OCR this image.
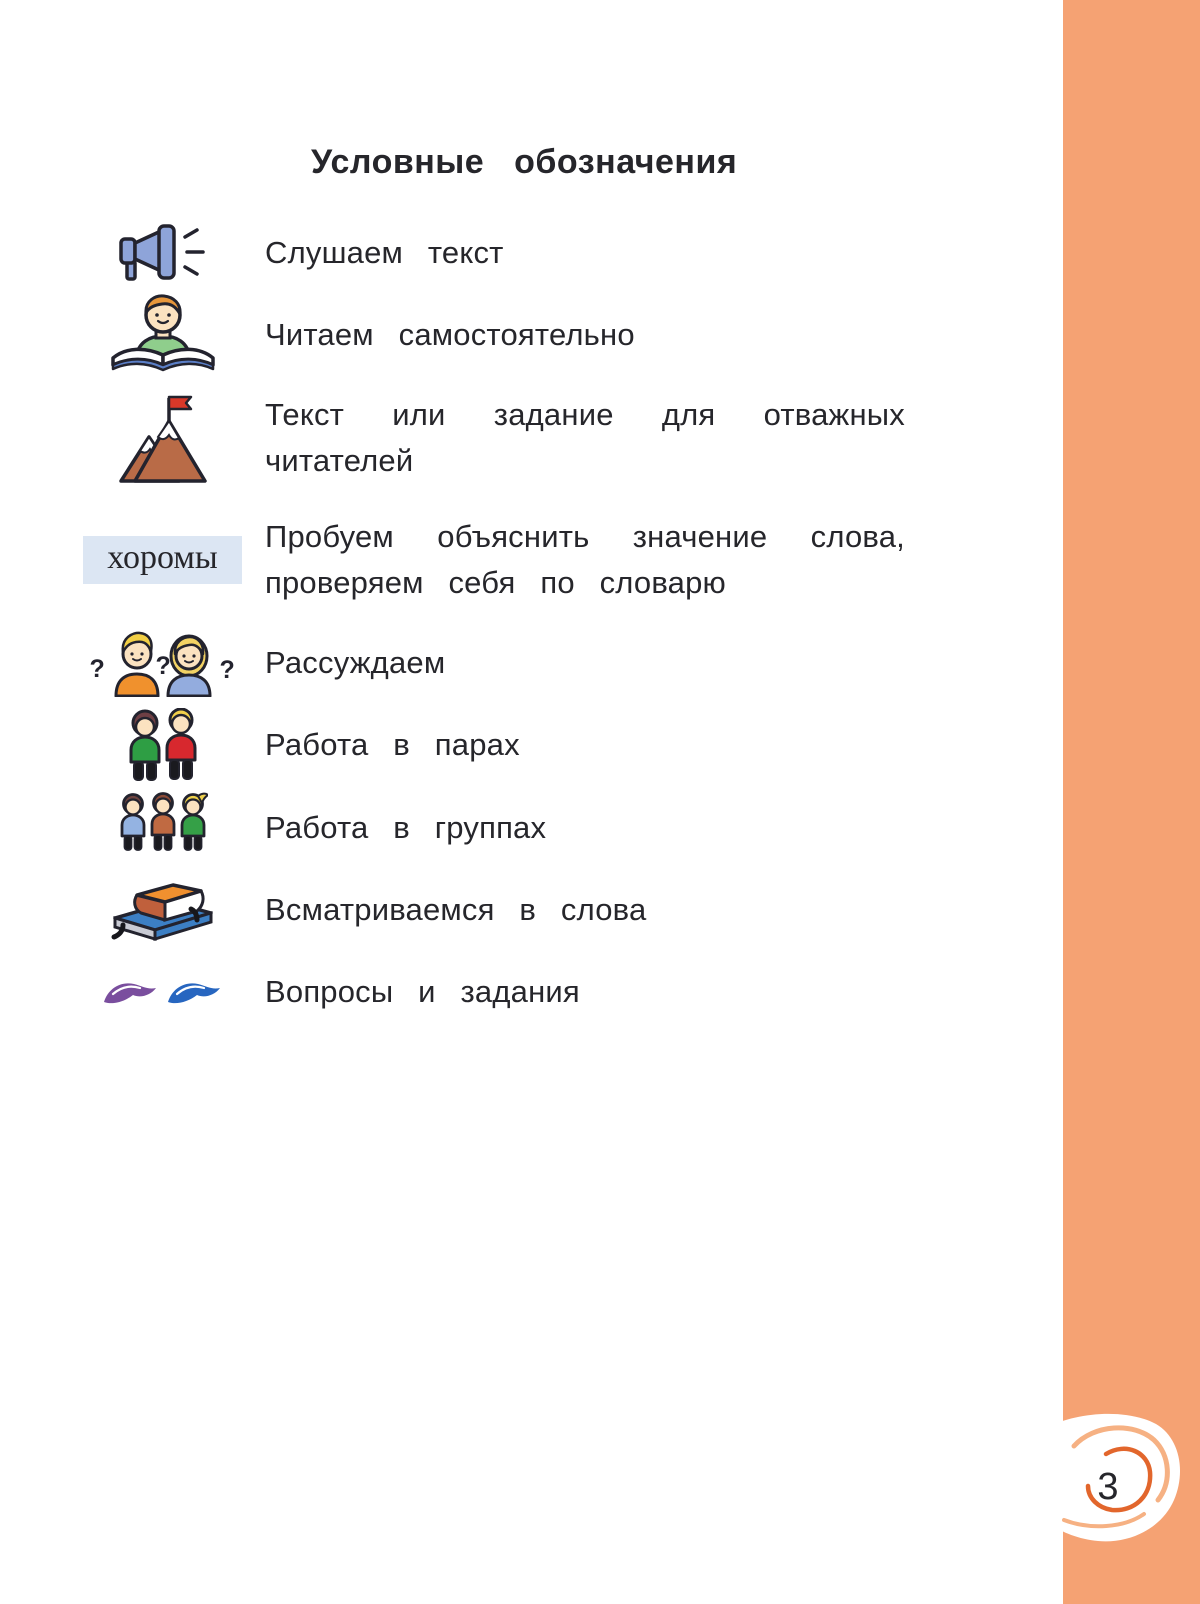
Условные обозначения
Слушаем текст
Читаем самостоятельно
Текст или задание для отважных читателей
хоромы
Пробуем объяснить значение слова, проверяем себя по словарю
? ? ? Рассуждаем
Работа в парах
Работа в группах
Всматриваемся в слова
Вопросы и задания
3
